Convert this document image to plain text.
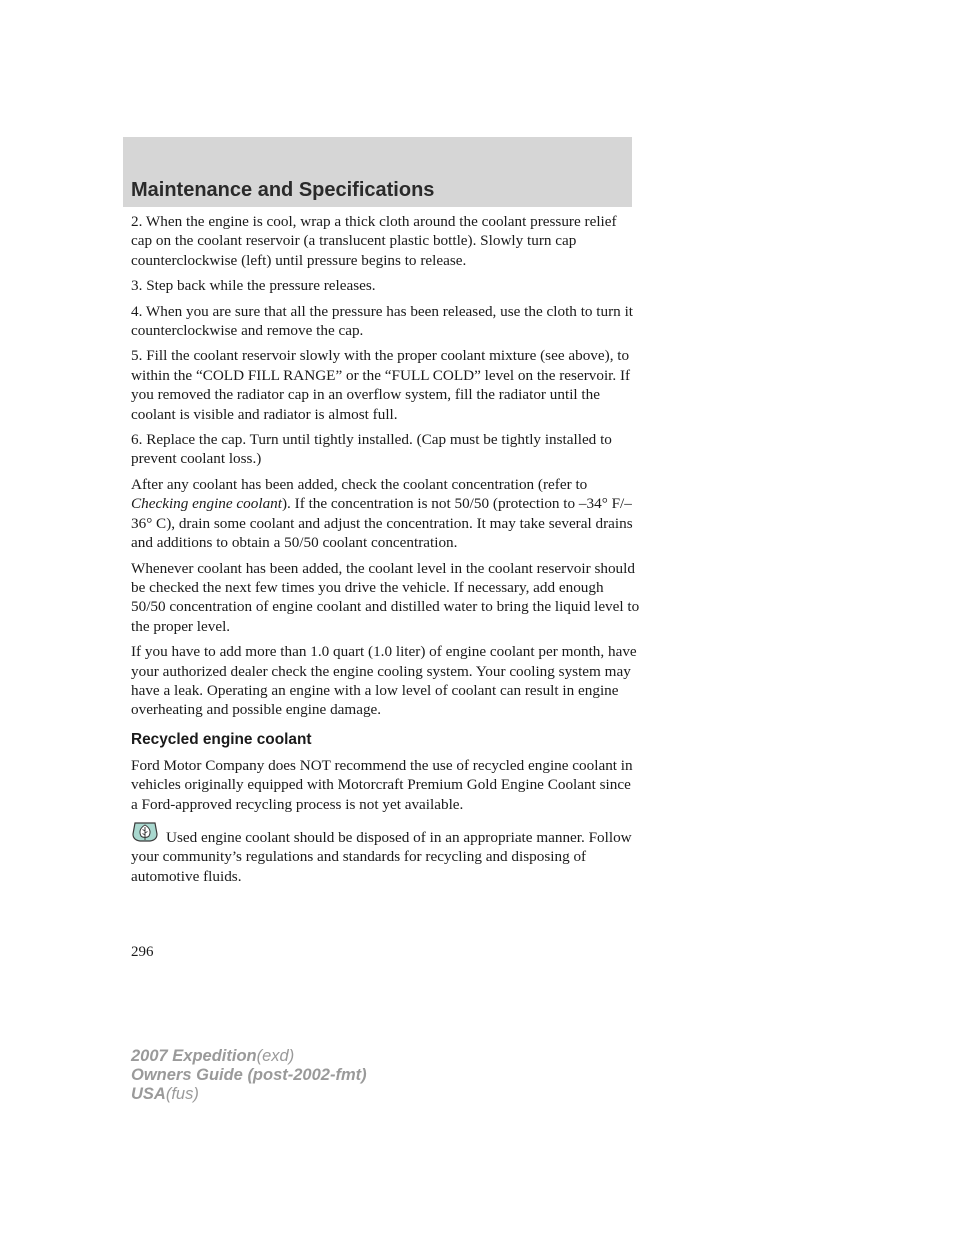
Maintenance and Specifications

2. When the engine is cool, wrap a thick cloth around the coolant pressure relief cap on the coolant reservoir (a translucent plastic bottle). Slowly turn cap counterclockwise (left) until pressure begins to release.

3. Step back while the pressure releases.

4. When you are sure that all the pressure has been released, use the cloth to turn it counterclockwise and remove the cap.

5. Fill the coolant reservoir slowly with the proper coolant mixture (see above), to within the “COLD FILL RANGE” or the “FULL COLD” level on the reservoir. If you removed the radiator cap in an overflow system, fill the radiator until the coolant is visible and radiator is almost full.

6. Replace the cap. Turn until tightly installed. (Cap must be tightly installed to prevent coolant loss.)

After any coolant has been added, check the coolant concentration (refer to Checking engine coolant). If the concentration is not 50/50 (protection to –34° F/–36° C), drain some coolant and adjust the concentration. It may take several drains and additions to obtain a 50/50 coolant concentration.

Whenever coolant has been added, the coolant level in the coolant reservoir should be checked the next few times you drive the vehicle. If necessary, add enough 50/50 concentration of engine coolant and distilled water to bring the liquid level to the proper level.

If you have to add more than 1.0 quart (1.0 liter) of engine coolant per month, have your authorized dealer check the engine cooling system. Your cooling system may have a leak. Operating an engine with a low level of coolant can result in engine overheating and possible engine damage.

Recycled engine coolant

Ford Motor Company does NOT recommend the use of recycled engine coolant in vehicles originally equipped with Motorcraft Premium Gold Engine Coolant since a Ford-approved recycling process is not yet available.

Used engine coolant should be disposed of in an appropriate manner. Follow your community’s regulations and standards for recycling and disposing of automotive fluids.

296
2007 Expedition(exd)
Owners Guide (post-2002-fmt)
USA(fus)
